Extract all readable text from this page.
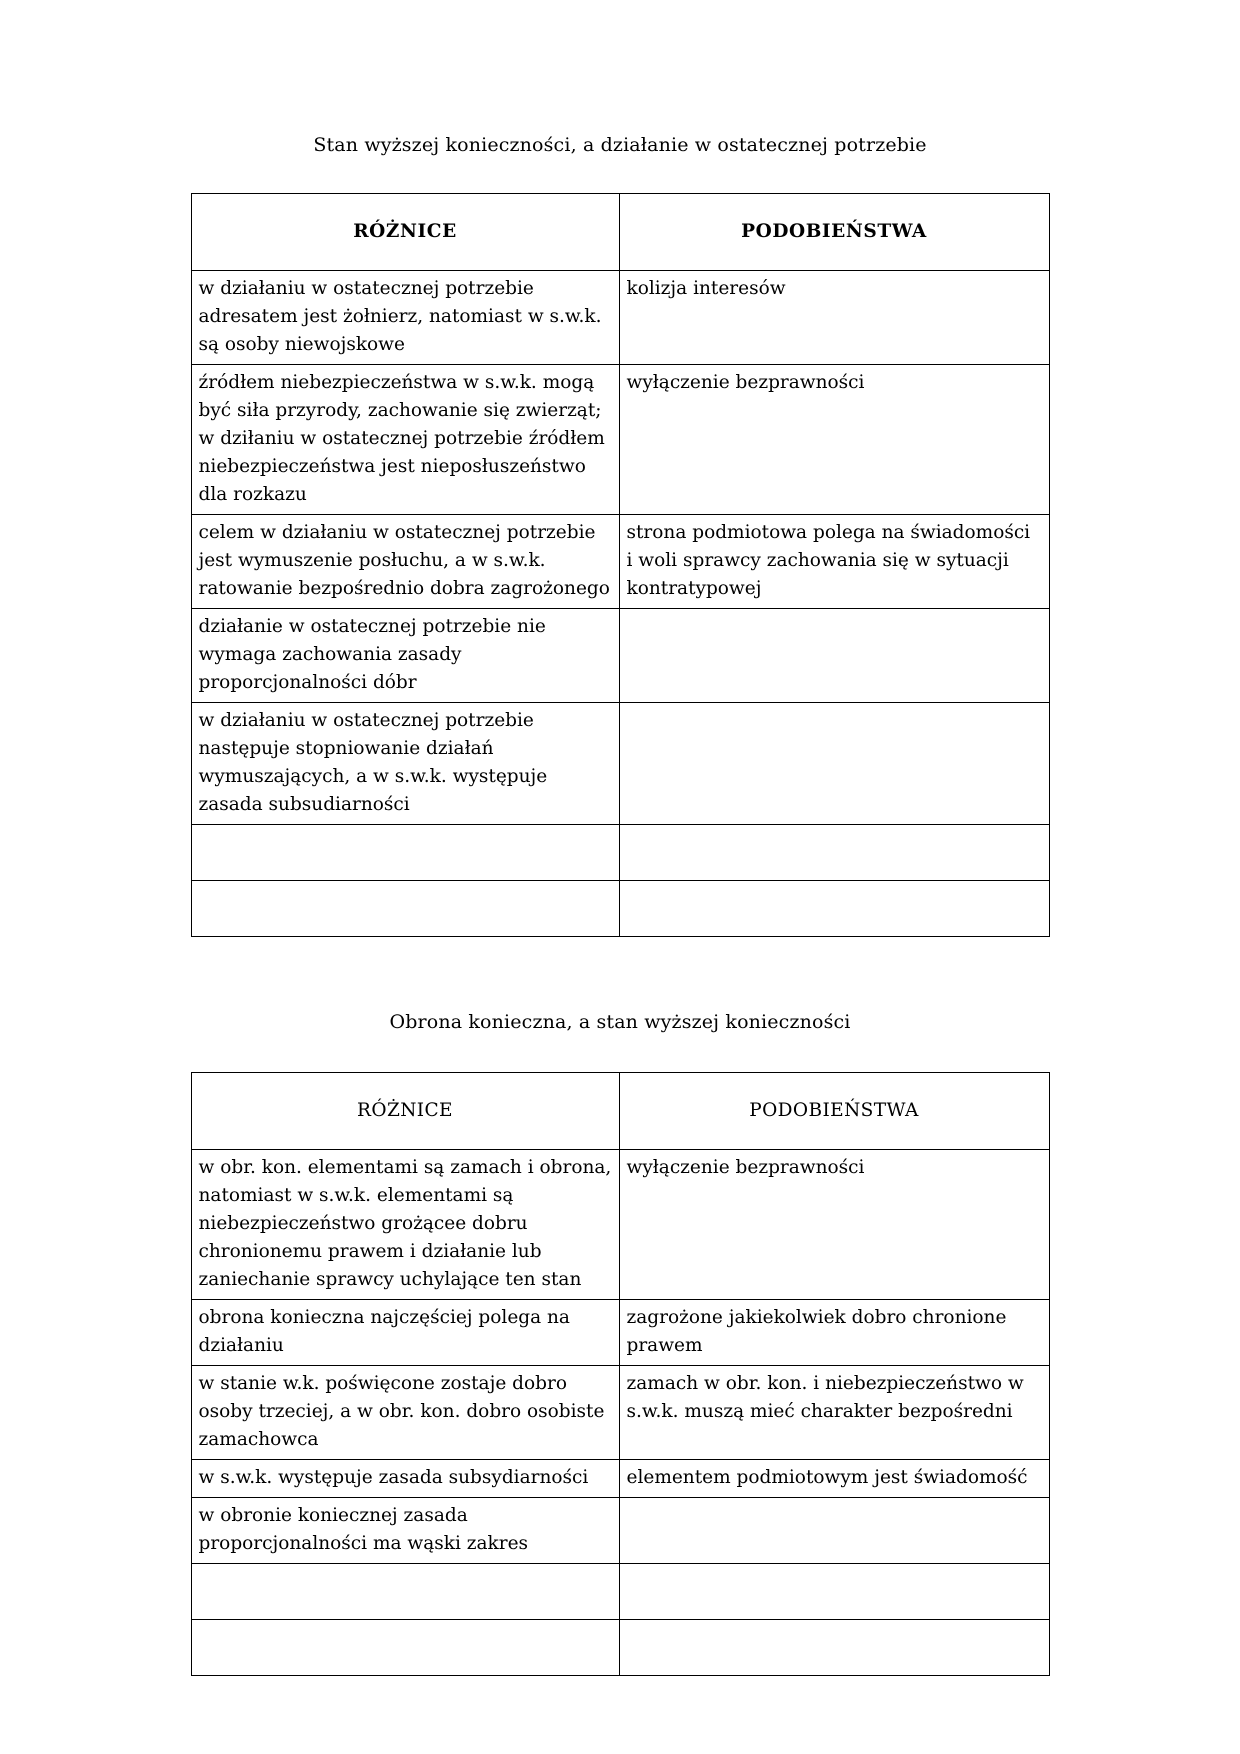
Stan wyższej konieczności, a działanie w ostatecznej potrzebie
RÓŻNICE	PODOBIEŃSTWA

w działaniu w ostatecznej potrzebie adresatem jest żołnierz, natomiast w s.w.k. są osoby niewojskowe	kolizja interesów

źródłem niebezpieczeństwa w s.w.k. mogą być siła przyrody, zachowanie się zwierząt; w dziłaniu w ostatecznej potrzebie źródłem niebezpieczeństwa jest nieposłuszeństwo dla rozkazu	wyłączenie bezprawności

celem w działaniu w ostatecznej potrzebie jest wymuszenie posłuchu, a w s.w.k. ratowanie bezpośrednio dobra zagrożonego	strona podmiotowa polega na świadomości i woli sprawcy zachowania się w sytuacji kontratypowej

działanie w ostatecznej potrzebie nie wymaga zachowania zasady proporcjonalności dóbr	

w działaniu w ostatecznej potrzebie następuje stopniowanie działań wymuszających, a w s.w.k. występuje zasada subsudiarności	

Obrona konieczna, a stan wyższej konieczności
RÓŻNICE	PODOBIEŃSTWA

w obr. kon. elementami są zamach i obrona, natomiast w s.w.k. elementami są niebezpieczeństwo grożącee dobru chronionemu prawem i działanie lub zaniechanie sprawcy uchylające ten stan	wyłączenie bezprawności

obrona konieczna najczęściej polega na działaniu	zagrożone jakiekolwiek dobro chronione prawem

w stanie w.k. poświęcone zostaje dobro osoby trzeciej, a w obr. kon. dobro osobiste zamachowca	zamach w obr. kon. i niebezpieczeństwo w s.w.k. muszą mieć charakter bezpośredni

w s.w.k. występuje zasada subsydiarności	elementem podmiotowym jest świadomość

w obronie koniecznej zasada proporcjonalności ma wąski zakres	
